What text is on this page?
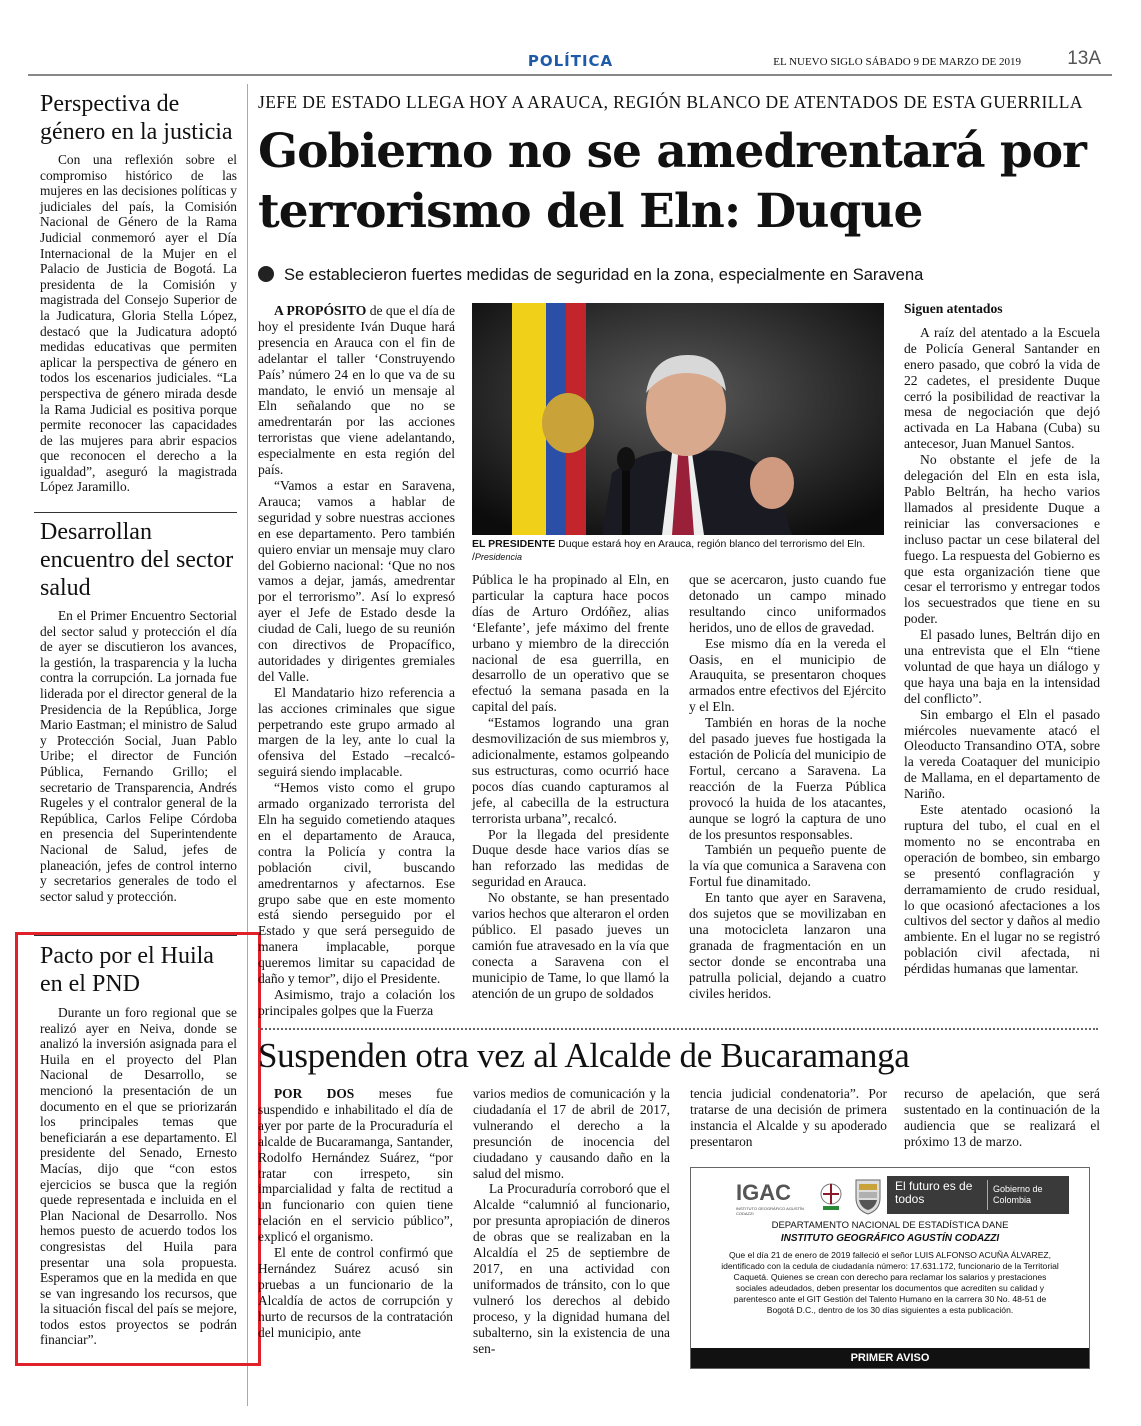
POLÍTICA	EL NUEVO SIGLO SÁBADO 9 DE MARZO DE 2019 13A
Perspectiva de género en la justicia

Con una reflexión sobre el compromiso histórico de las mujeres en las decisiones políticas y judiciales del país, la Comisión Nacional de Género de la Rama Judicial conmemoró ayer el Día Internacional de la Mujer en el Palacio de Justicia de Bogotá. La presidenta de la Comisión y magistrada del Consejo Superior de la Judicatura, Gloria Stella López, destacó que la Judicatura adoptó medidas educativas que permiten aplicar la perspectiva de género en todos los escenarios judiciales. “La perspectiva de género mirada desde la Rama Judicial es positiva porque permite reconocer las capacidades de las mujeres para abrir espacios que reconocen el derecho a la igualdad”, aseguró la magistrada López Jaramillo.

Desarrollan encuentro del sector salud

En el Primer Encuentro Sectorial del sector salud y protección el día de ayer se discutieron los avances, la gestión, la trasparencia y la lucha contra la corrupción. La jornada fue liderada por el director general de la Presidencia de la República, Jorge Mario Eastman; el ministro de Salud y Protección Social, Juan Pablo Uribe; el director de Función Pública, Fernando Grillo; el secretario de Transparencia, Andrés Rugeles y el contralor general de la República, Carlos Felipe Córdoba en presencia del Superintendente Nacional de Salud, jefes de planeación, jefes de control interno y secretarios generales de todo el sector salud y protección.

Pacto por el Huila en el PND

Durante un foro regional que se realizó ayer en Neiva, donde se analizó la inversión asignada para el Huila en el proyecto del Plan Nacional de Desarrollo, se mencionó la presentación de un documento en el que se priorizarán los principales temas que beneficiarán a ese departamento. El presidente del Senado, Ernesto Macías, dijo que “con estos ejercicios se busca que la región quede representada e incluida en el Plan Nacional de Desarrollo. Nos hemos puesto de acuerdo todos los congresistas del Huila para presentar una sola propuesta. Esperamos que en la medida en que se van ingresando los recursos, que la situación fiscal del país se mejore, todos estos proyectos se podrán financiar”.

JEFE DE ESTADO LLEGA HOY A ARAUCA, REGIÓN BLANCO DE ATENTADOS DE ESTA GUERRILLA
Gobierno no se amedrentará por terrorismo del Eln: Duque
Se establecieron fuertes medidas de seguridad en la zona, especialmente en Saravena

A PROPÓSITO de que el día de hoy el presidente Iván Duque hará presencia en Arauca con el fin de adelantar el taller ‘Construyendo País’ número 24 en lo que va de su mandato, le envió un mensaje al Eln señalando que no se amedrentarán por las acciones terroristas que viene adelantando, especialmente en esta región del país.

“Vamos a estar en Saravena, Arauca; vamos a hablar de seguridad y sobre nuestras acciones en ese departamento. Pero también quiero enviar un mensaje muy claro del Gobierno nacional: ‘Que no nos vamos a dejar, jamás, amedrentar por el terrorismo”. Así lo expresó ayer el Jefe de Estado desde la ciudad de Cali, luego de su reunión con directivos de Propacífico, autoridades y dirigentes gremiales del Valle.

El Mandatario hizo referencia a las acciones criminales que sigue perpetrando este grupo armado al margen de la ley, ante lo cual la ofensiva del Estado –recalcó- seguirá siendo implacable.

“Hemos visto como el grupo armado organizado terrorista del Eln ha seguido cometiendo ataques en el departamento de Arauca, contra la Policía y contra la población civil, buscando amedrentarnos y afectarnos. Ese grupo sabe que en este momento está siendo perseguido por el Estado y que será perseguido de manera implacable, porque queremos limitar su capacidad de daño y temor”, dijo el Presidente.

Asimismo, trajo a colación los principales golpes que la Fuerza

EL PRESIDENTE Duque estará hoy en Arauca, región blanco del terrorismo del Eln. /Presidencia

Pública le ha propinado al Eln, en particular la captura hace pocos días de Arturo Ordóñez, alias ‘Elefante’, jefe máximo del frente urbano y miembro de la dirección nacional de esa guerrilla, en desarrollo de un operativo que se efectuó la semana pasada en la capital del país.

“Estamos logrando una gran desmovilización de sus miembros y, adicionalmente, estamos golpeando sus estructuras, como ocurrió hace pocos días cuando capturamos al jefe, al cabecilla de la estructura terrorista urbana”, recalcó.

Por la llegada del presidente Duque desde hace varios días se han reforzado las medidas de seguridad en Arauca.

No obstante, se han presentado varios hechos que alteraron el orden público. El pasado jueves un camión fue atravesado en la vía que conecta a Saravena con el municipio de Tame, lo que llamó la atención de un grupo de soldados

que se acercaron, justo cuando fue detonado un campo minado resultando cinco uniformados heridos, uno de ellos de gravedad.

Ese mismo día en la vereda el Oasis, en el municipio de Arauquita, se presentaron choques armados entre efectivos del Ejército y el Eln.

También en horas de la noche del pasado jueves fue hostigada la estación de Policía del municipio de Fortul, cercano a Saravena. La reacción de la Fuerza Pública provocó la huida de los atacantes, aunque se logró la captura de uno de los presuntos responsables.

También un pequeño puente de la vía que comunica a Saravena con Fortul fue dinamitado.

En tanto que ayer en Saravena, dos sujetos que se movilizaban en una motocicleta lanzaron una granada de fragmentación en un sector donde se encontraba una patrulla policial, dejando a cuatro civiles heridos.

Siguen atentados

A raíz del atentado a la Escuela de Policía General Santander en enero pasado, que cobró la vida de 22 cadetes, el presidente Duque cerró la posibilidad de reactivar la mesa de negociación que dejó activada en La Habana (Cuba) su antecesor, Juan Manuel Santos.

No obstante el jefe de la delegación del Eln en esta isla, Pablo Beltrán, ha hecho varios llamados al presidente Duque a reiniciar las conversaciones e incluso pactar un cese bilateral del fuego. La respuesta del Gobierno es que esta organización tiene que cesar el terrorismo y entregar todos los secuestrados que tiene en su poder.

El pasado lunes, Beltrán dijo en una entrevista que el Eln “tiene voluntad de que haya un diálogo y que haya una baja en la intensidad del conflicto”.

Sin embargo el Eln el pasado miércoles nuevamente atacó el Oleoducto Transandino OTA, sobre la vereda Coataquer del municipio de Mallama, en el departamento de Nariño.

Este atentado ocasionó la ruptura del tubo, el cual en el momento no se encontraba en operación de bombeo, sin embargo se presentó conflagración y derramamiento de crudo residual, lo que ocasionó afectaciones a los cultivos del sector y daños al medio ambiente. En el lugar no se registró población civil afectada, ni pérdidas humanas que lamentar.

Suspenden otra vez al Alcalde de Bucaramanga

POR DOS meses fue suspendido e inhabilitado el día de ayer por parte de la Procuraduría el alcalde de Bucaramanga, Santander, Rodolfo Hernández Suárez, “por tratar con irrespeto, sin imparcialidad y falta de rectitud a un funcionario con quien tiene relación en el servicio público”, explicó el organismo.

El ente de control confirmó que Hernández Suárez acusó sin pruebas a un funcionario de la Alcaldía de actos de corrupción y hurto de recursos de la contratación del municipio, ante

varios medios de comunicación y la ciudadanía el 17 de abril de 2017, vulnerando el derecho a la presunción de inocencia del ciudadano y causando daño en la salud del mismo.

La Procuraduría corroboró que el Alcalde “calumnió al funcionario, por presunta apropiación de dineros de obras que se realizaban en la Alcaldía el 25 de septiembre de 2017, en una actividad con uniformados de tránsito, con lo que vulneró los derechos al debido proceso, y la dignidad humana del subalterno, sin la existencia de una sen-

tencia judicial condenatoria”. Por tratarse de una decisión de primera instancia el Alcalde y su apoderado presentaron

recurso de apelación, que será sustentado en la continuación de la audiencia que se realizará el próximo 13 de marzo.

IGAC
INSTITUTO GEOGRÁFICO AGUSTÍN CODAZZI
El futuro es de todos
Gobierno de Colombia
DEPARTAMENTO NACIONAL DE ESTADÍSTICA DANE
INSTITUTO GEOGRÁFICO AGUSTÍN CODAZZI
Que el día 21 de enero de 2019 falleció el señor LUIS ALFONSO ACUÑA ÁLVAREZ, identificado con la cedula de ciudadanía número: 17.631.172, funcionario de la Territorial Caquetá. Quienes se crean con derecho para reclamar los salarios y prestaciones sociales adeudados, deben presentar los documentos que acrediten su calidad y parentesco ante el GIT Gestión del Talento Humano en la carrera 30 No. 48-51 de Bogotá D.C., dentro de los 30 días siguientes a esta publicación.
PRIMER AVISO
